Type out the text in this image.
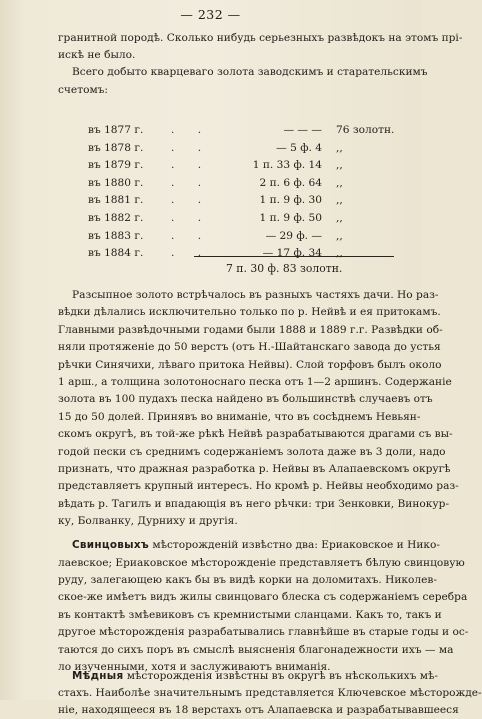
— 232 —
гранитной породѣ. Сколько нибудь серьезныхъ развѣдокъ на этомъ прі-
искѣ не было.
Всего добыто кварцеваго золота заводскимъ и старательскимъ
счетомъ:
въ 1877 г.	. .	— — — 76 золотн.
въ 1878 г.	. .	— 5 ф. 4 ,,
въ 1879 г.	. .	1 п. 33 ф. 14 ,,
въ 1880 г.	. .	2 п. 6 ф. 64 ,,
въ 1881 г.	. .	1 п. 9 ф. 30 ,,
въ 1882 г.	. .	1 п. 9 ф. 50 ,,
въ 1883 г.	. .	— 29 ф. — ,,
въ 1884 г.	. .	— 17 ф. 34 ,,
7 п. 30 ф. 83 золотн.
Разсыпное золото встрѣчалось въ разныхъ частяхъ дачи. Но раз-
вѣдки дѣлались исключительно только по р. Нейвѣ и ея притокамъ.
Главными развѣдочными годами были 1888 и 1889 г.г. Развѣдки об-
няли протяженіе до 50 верстъ (отъ Н.-Шайтанскаго завода до устья
рѣчки Синячихи, лѣваго притока Нейвы). Слой торфовъ былъ около
1 арш., а толщина золотоноснаго песка отъ 1—2 аршинъ. Содержаніе
золота въ 100 пудахъ песка найдено въ большинствѣ случаевъ отъ
15 до 50 долей. Принявъ во вниманіе, что въ сосѣднемъ Невьян-
скомъ округѣ, въ той-же рѣкѣ Нейвѣ разрабатываются драгами съ вы-
годой пески съ среднимъ содержаніемъ золота даже въ 3 доли, надо
признать, что дражная разработка р. Нейвы въ Алапаевскомъ округѣ
представляетъ крупный интересъ. Но кромѣ р. Нейвы необходимо раз-
вѣдать р. Тагилъ и впадающія въ него рѣчки: три Зенковки, Винокур-
ку, Болванку, Дурниху и другія.
Свинцовыхъ мѣсторожденій извѣстно два: Ериаковское и Нико-
лаевское; Ериаковское мѣсторожденіе представляетъ бѣлую свинцовую
руду, залегающею какъ бы въ видѣ корки на доломитахъ. Николев-
ское-же имѣетъ видъ жилы свинцоваго блеска съ содержаніемъ серебра
въ контактѣ змѣевиковъ съ кремнистыми сланцами. Какъ то, такъ и
другое мѣсторожденія разрабатывались главнѣйше въ старые годы и ос-
таются до сихъ поръ въ смыслѣ выясненія благонадежности ихъ — ма
ло изученными, хотя и заслуживаютъ вниманія.
Мѣдныя мѣсторожденія извѣстны въ округѣ въ нѣсколькихъ мѣ-
стахъ. Наиболѣе значительнымъ представляется Ключевское мѣсторожде-
ніе, находящееся въ 18 верстахъ отъ Алапаевска и разрабатывавшееся
